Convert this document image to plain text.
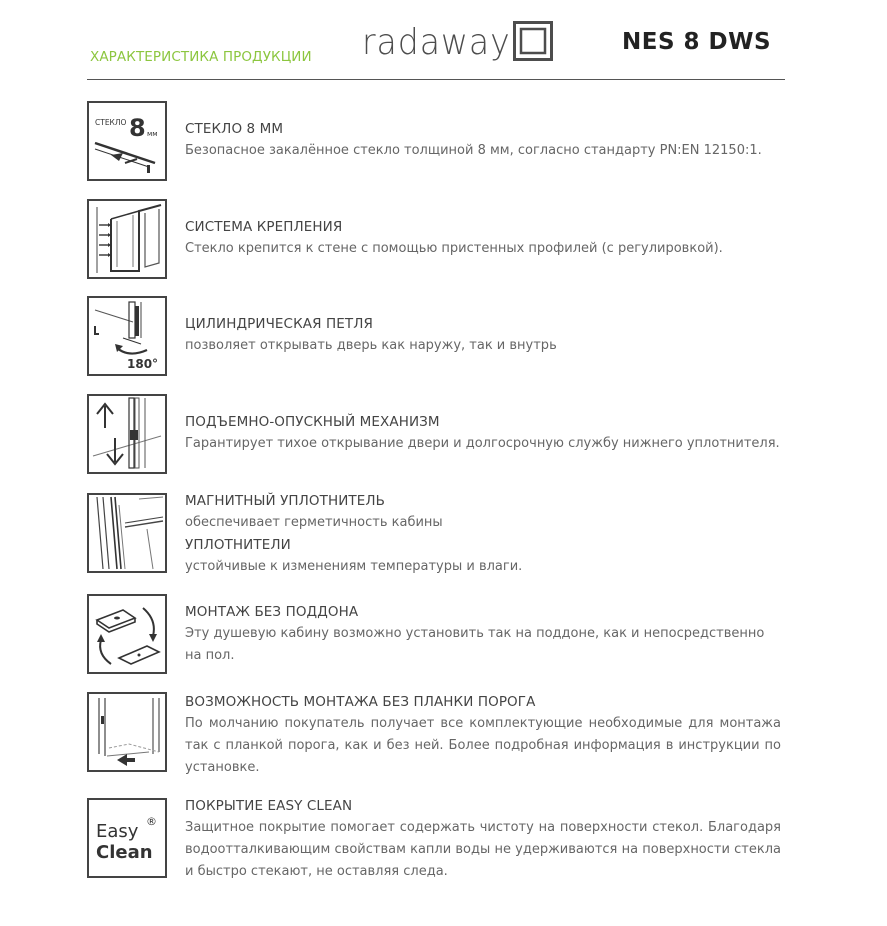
ХАРАКТЕРИСТИКА ПРОДУКЦИИ radaway	NES 8 DWS
СТЕКЛО 8 мм СТЕКЛО 8 ММ
Безопасное закалённое стекло толщиной 8 мм, согласно стандарту PN:EN 12150:1.
СИСТЕМА КРЕПЛЕНИЯ
Стекло крепится к стене с помощью пристенных профилей (с регулировкой).
180°
ЦИЛИНДРИЧЕСКАЯ ПЕТЛЯ
позволяет открывать дверь как наружу, так и внутрь
ПОДЪЕМНО-ОПУСКНЫЙ МЕХАНИЗМ
Гарантирует тихое открывание двери и долгосрочную службу нижнего уплотнителя.
МАГНИТНЫЙ УПЛОТНИТЕЛЬ
обеспечивает герметичность кабины
УПЛОТНИТЕЛИ
устойчивые к изменениям температуры и влаги.
МОНТАЖ БЕЗ ПОДДОНА
Эту душевую кабину возможно установить так на поддоне, как и непосредственно на пол.
ВОЗМОЖНОСТЬ МОНТАЖА БЕЗ ПЛАНКИ ПОРОГА
По молчанию покупатель получает все комплектующие необходимые для монтажа так с планкой порога, как и без ней. Более подробная информация в инструкции по установке.
Easy ®
Clean
ПОКРЫТИЕ EASY CLEAN
Защитное покрытие помогает содержать чистоту на поверхности стекол. Благодаря водоотталкивающим свойствам капли воды не удерживаются на поверхности стекла и быстро стекают, не оставляя следа.
